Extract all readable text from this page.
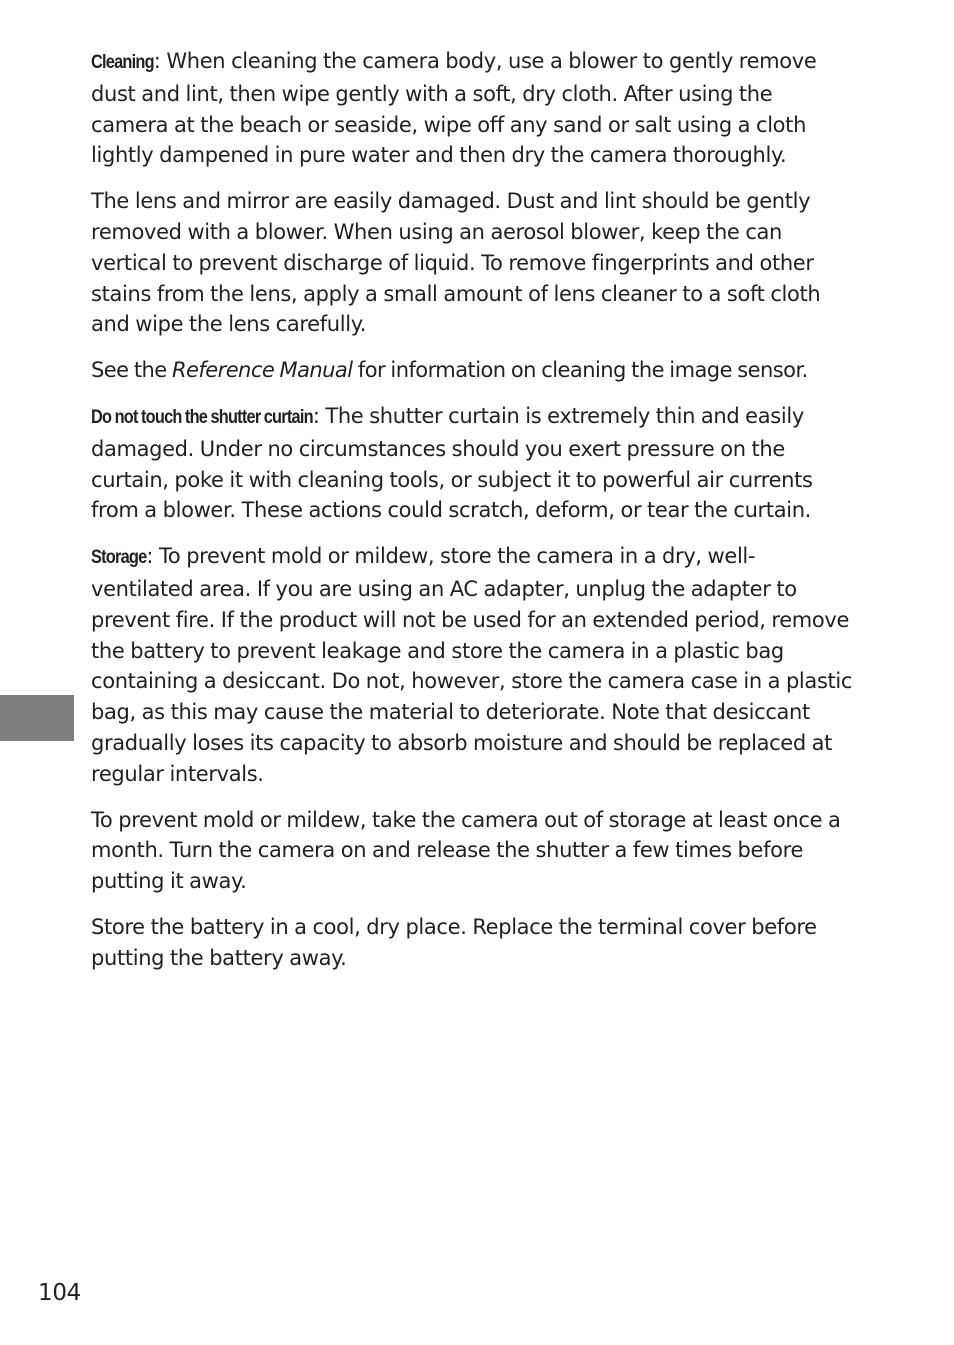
Cleaning: When cleaning the camera body, use a blower to gently remove dust and lint, then wipe gently with a soft, dry cloth. After using the camera at the beach or seaside, wipe off any sand or salt using a cloth lightly dampened in pure water and then dry the camera thoroughly.

The lens and mirror are easily damaged. Dust and lint should be gently removed with a blower. When using an aerosol blower, keep the can vertical to prevent discharge of liquid. To remove fingerprints and other stains from the lens, apply a small amount of lens cleaner to a soft cloth and wipe the lens carefully.

See the Reference Manual for information on cleaning the image sensor.

Do not touch the shutter curtain: The shutter curtain is extremely thin and easily damaged. Under no circumstances should you exert pressure on the curtain, poke it with cleaning tools, or subject it to powerful air currents from a blower. These actions could scratch, deform, or tear the curtain.

Storage: To prevent mold or mildew, store the camera in a dry, well-ventilated area. If you are using an AC adapter, unplug the adapter to prevent fire. If the product will not be used for an extended period, remove the battery to prevent leakage and store the camera in a plastic bag containing a desiccant. Do not, however, store the camera case in a plastic bag, as this may cause the material to deteriorate. Note that desiccant gradually loses its capacity to absorb moisture and should be replaced at regular intervals.

To prevent mold or mildew, take the camera out of storage at least once a month. Turn the camera on and release the shutter a few times before putting it away.

Store the battery in a cool, dry place. Replace the terminal cover before putting the battery away.

104
